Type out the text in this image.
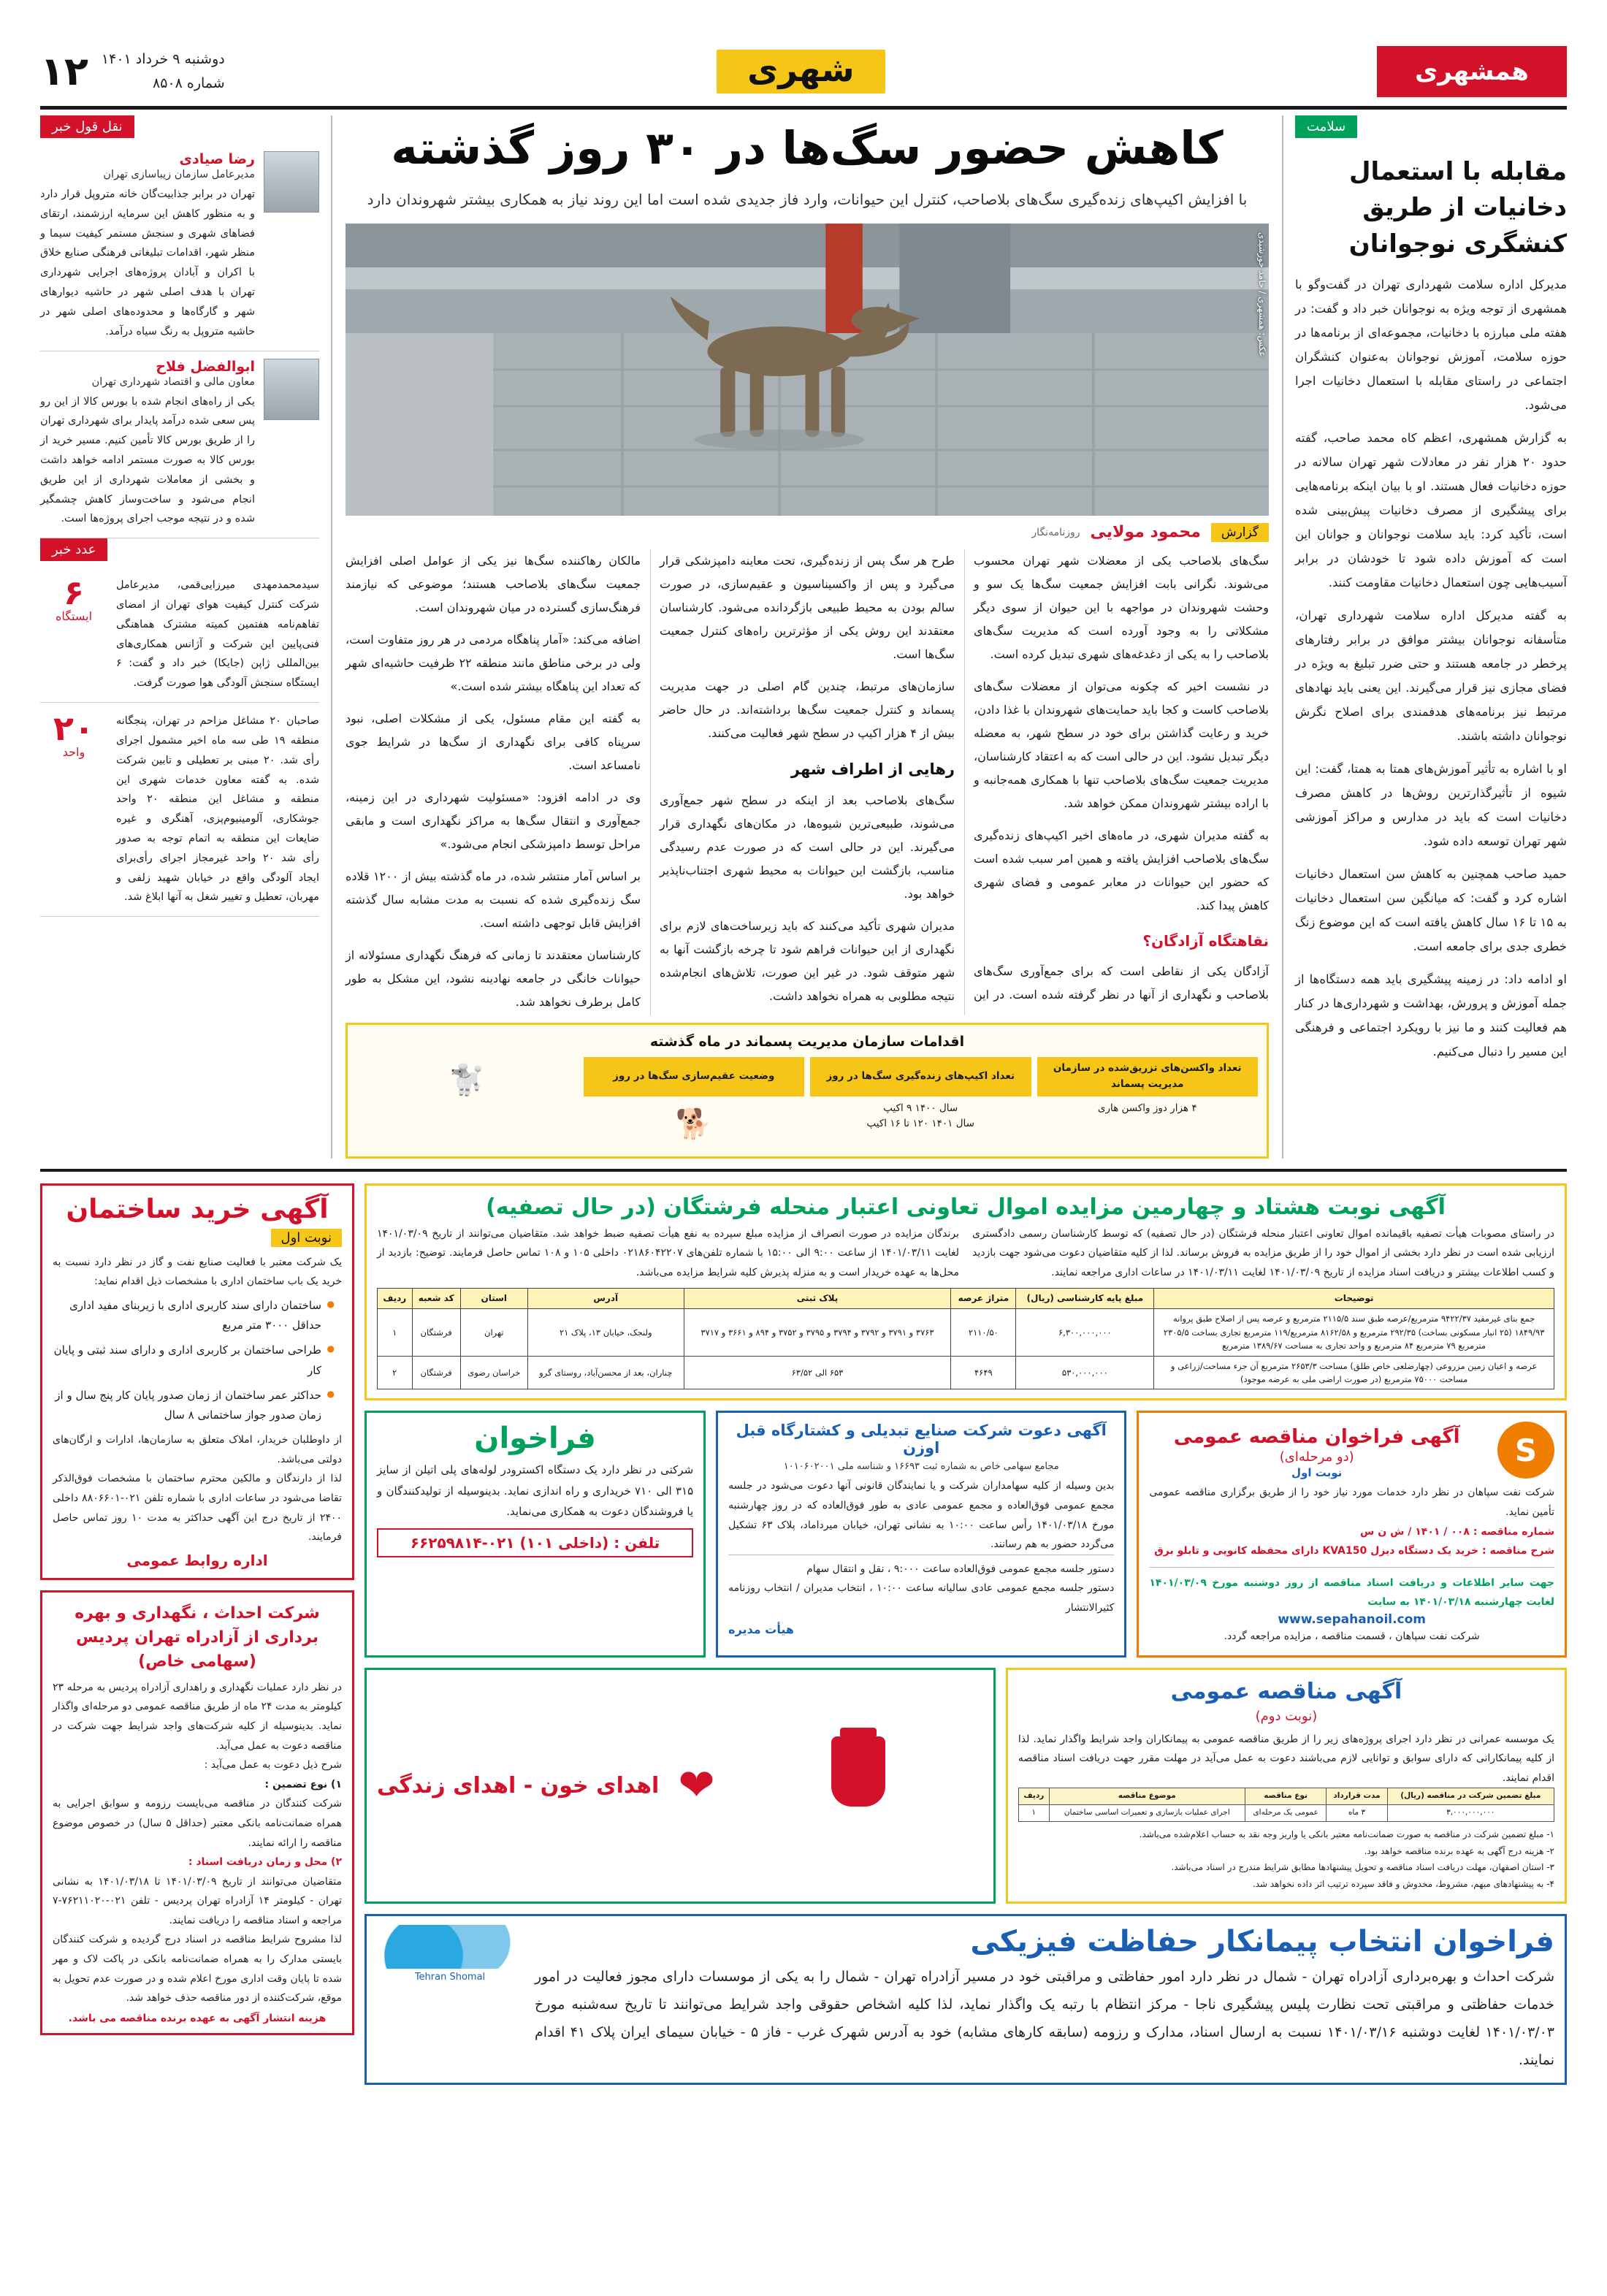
همشهری
شهری
دوشنبه ۹ خرداد ۱۴۰۱
شماره ۸۵۰۸
۱۲
سلامت
مقابله با استعمال دخانیات از طریق کنشگری نوجوانان

مدیرکل اداره سلامت شهرداری تهران در گفت‌وگو با همشهری از توجه ویژه به نوجوانان خبر داد و گفت: در هفته ملی مبارزه با دخانیات، مجموعه‌ای از برنامه‌ها در حوزه سلامت، آموزش نوجوانان به‌عنوان کنشگران اجتماعی در راستای مقابله با استعمال دخانیات اجرا می‌شود.

به گزارش همشهری، اعظم کاه محمد صاحب، گفته حدود ۲۰ هزار نفر در معادلات شهر تهران سالانه در حوزه دخانیات فعال هستند. او با بیان اینکه برنامه‌هایی برای پیشگیری از مصرف دخانیات پیش‌بینی شده است، تأکید کرد: باید سلامت نوجوانان و جوانان این است که آموزش داده شود تا خودشان در برابر آسیب‌هایی چون استعمال دخانیات مقاومت کنند.

به گفته مدیرکل اداره سلامت شهرداری تهران، متأسفانه نوجوانان بیشتر موافق در برابر رفتارهای پرخطر در جامعه هستند و حتی ضرر تبلیغ به ویژه در فضای مجازی نیز قرار می‌گیرند. این یعنی باید نهادهای مرتبط نیز برنامه‌های هدفمندی برای اصلاح نگرش نوجوانان داشته باشند.

او با اشاره به تأثیر آموزش‌های همتا به همتا، گفت: این شیوه از تأثیرگذارترین روش‌ها در کاهش مصرف دخانیات است که باید در مدارس و مراکز آموزشی شهر تهران توسعه داده شود.

حمید صاحب همچنین به کاهش سن استعمال دخانیات اشاره کرد و گفت: که میانگین سن استعمال دخانیات به ۱۵ تا ۱۶ سال کاهش یافته است که این موضوع زنگ خطری جدی برای جامعه است.

او ادامه داد: در زمینه پیشگیری باید همه دستگاه‌ها از جمله آموزش و پرورش، بهداشت و شهرداری‌ها در کنار هم فعالیت کنند و ما نیز با رویکرد اجتماعی و فرهنگی این مسیر را دنبال می‌کنیم.

کاهش حضور سگ‌ها در ۳۰ روز گذشته
با افزایش اکیپ‌های زنده‌گیری سگ‌های بلاصاحب، کنترل این حیوانات، وارد فاز جدیدی شده است اما این روند نیاز به همکاری بیشتر شهروندان دارد
عکس: همشهری / حامد خورشیدی
گزارش
محمود مولایی
روزنامه‌نگار

سگ‌های بلاصاحب یکی از معضلات شهر تهران محسوب می‌شوند. نگرانی بابت افزایش جمعیت سگ‌ها یک سو و وحشت شهروندان در مواجهه با این حیوان از سوی دیگر مشکلاتی را به وجود آورده است که مدیریت سگ‌های بلاصاحب را به یکی از دغدغه‌های شهری تبدیل کرده است.

در نشست اخیر که چکونه می‌توان از معضلات سگ‌های بلاصاحب کاست و کجا باید حمایت‌های شهروندان با غذا دادن، خرید و رعایت گذاشتن برای خود در سطح شهر، به معضله دیگر تبدیل نشود. این در حالی است که به اعتقاد کارشناسان، مدیریت جمعیت سگ‌های بلاصاحب تنها با همکاری همه‌جانبه و با اراده بیشتر شهروندان ممکن خواهد شد.

به گفته مدیران شهری، در ماه‌های اخیر اکیپ‌های زنده‌گیری سگ‌های بلاصاحب افزایش یافته و همین امر سبب شده است که حضور این حیوانات در معابر عمومی و فضای شهری کاهش پیدا کند.

نقاهتگاه آزادگان؟

آزادگان یکی از نقاطی است که برای جمع‌آوری سگ‌های بلاصاحب و نگهداری از آنها در نظر گرفته شده است. در این طرح هر سگ پس از زنده‌گیری، تحت معاینه دامپزشکی قرار می‌گیرد و پس از واکسیناسیون و عقیم‌سازی، در صورت سالم بودن به محیط طبیعی بازگردانده می‌شود. کارشناسان معتقدند این روش یکی از مؤثرترین راه‌های کنترل جمعیت سگ‌ها است.

سازمان‌های مرتبط، چندین گام اصلی در جهت مدیریت پسماند و کنترل جمعیت سگ‌ها برداشته‌اند. در حال حاضر بیش از ۴ هزار اکیپ در سطح شهر فعالیت می‌کنند.

رهایی از اطراف شهر

سگ‌های بلاصاحب بعد از اینکه در سطح شهر جمع‌آوری می‌شوند، طبیعی‌ترین شیوه‌ها، در مکان‌های نگهداری قرار می‌گیرند. این در حالی است که در صورت عدم رسیدگی مناسب، بازگشت این حیوانات به محیط شهری اجتناب‌ناپذیر خواهد بود.

مدیران شهری تأکید می‌کنند که باید زیرساخت‌های لازم برای نگهداری از این حیوانات فراهم شود تا چرخه بازگشت آنها به شهر متوقف شود. در غیر این صورت، تلاش‌های انجام‌شده نتیجه مطلوبی به همراه نخواهد داشت.

مالکان رهاکننده سگ‌ها نیز یکی از عوامل اصلی افزایش جمعیت سگ‌های بلاصاحب هستند؛ موضوعی که نیازمند فرهنگ‌سازی گسترده در میان شهروندان است.

اضافه می‌کند: «آمار پناهگاه مردمی در هر روز متفاوت است، ولی در برخی مناطق مانند منطقه ۲۲ ظرفیت حاشیه‌ای شهر که تعداد این پناهگاه بیشتر شده است.»

به گفته این مقام مسئول، یکی از مشکلات اصلی، نبود سرپناه کافی برای نگهداری از سگ‌ها در شرایط جوی نامساعد است.

وی در ادامه افزود: «مسئولیت شهرداری در این زمینه، جمع‌آوری و انتقال سگ‌ها به مراکز نگهداری است و مابقی مراحل توسط دامپزشکی انجام می‌شود.»

بر اساس آمار منتشر شده، در ماه گذشته بیش از ۱۲۰۰ قلاده سگ زنده‌گیری شده که نسبت به مدت مشابه سال گذشته افزایش قابل توجهی داشته است.

کارشناسان معتقدند تا زمانی که فرهنگ نگهداری مسئولانه از حیوانات خانگی در جامعه نهادینه نشود، این مشکل به طور کامل برطرف نخواهد شد.

اقدامات سازمان مدیریت پسماند در ماه گذشته
تعداد واکسن‌های تزریق‌شده در سازمان مدیریت پسماند
۴ هزار دوز واکسن هاری
تعداد اکیپ‌های زنده‌گیری سگ‌ها در روز
سال ۱۴۰۰ ۹ اکیپ
سال ۱۴۰۱ ۱۲۰ تا ۱۶ اکیپ
وضعیت عقیم‌سازی سگ‌ها در روز
🐕
🐩
نقل قول خبر
رضا صیادی
مدیرعامل سازمان زیباسازی تهران
تهران در برابر جذابیت‌گان خانه متروپل قرار دارد و به منظور کاهش این سرمایه ارزشمند، ارتقای فضاهای شهری و سنجش مستمر کیفیت سیما و منظر شهر، اقدامات تبلیغاتی فرهنگی صنایع خلاق با اکران و آبادان پروژه‌های اجرایی شهرداری تهران با هدف اصلی شهر در حاشیه دیوارهای شهر و گارگاه‌ها و محدوده‌های اصلی شهر در حاشیه متروپل به رنگ سیاه درآمد.
ابوالفضل فلاح
معاون مالی و اقتصاد شهرداری تهران
یکی از راه‌های انجام شده با بورس کالا از این رو پس سعی شده درآمد پایدار برای شهرداری تهران را از طریق بورس کالا تأمین کنیم. مسیر خرید از بورس کالا به صورت مستمر ادامه خواهد داشت و بخشی از معاملات شهرداری از این طریق انجام می‌شود و ساخت‌وساز کاهش چشمگیر شده و در نتیجه موجب اجرای پروژه‌ها است.
عدد خبر
سیدمحمدمهدی میرزایی‌قمی، مدیرعامل شرکت کنترل کیفیت هوای تهران از امضای تفاهم‌نامه هفتمین کمیته مشترک هماهنگی فنی‌پایین این شرکت و آژانس همکاری‌های بین‌المللی ژاپن (جایکا) خبر داد و گفت: ۶ ایستگاه سنجش آلودگی هوا صورت گرفت.
۶
ایستگاه
صاحبان ۲۰ مشاغل مزاحم در تهران، پنجگانه منطقه ۱۹ طی سه ماه اخیر مشمول اجرای رأی شد. ۲۰ مبنی بر تعطیلی و تابین شرکت شده. به گفته معاون خدمات شهری این منطقه و مشاغل این منطقه ۲۰ واحد جوشکاری، آلومینیوم‌پزی، آهنگری و غیره ضایعات این منطقه به اتمام توجه به صدور رأی شد ۲۰ واحد غیرمجاز اجرای رأی‌برای ایجاد آلودگی واقع در خیابان شهید زلفی و مهربان، تعطیل و تغییر شغل به آنها ابلاغ شد.
۲۰
واحد
آگهی نوبت هشتاد و چهارمین مزایده اموال تعاونی اعتبار منحله فرشتگان (در حال تصفیه)
در راستای مصوبات هیأت تصفیه باقیمانده اموال تعاونی اعتبار منحله فرشتگان (در حال تصفیه) که توسط کارشناسان رسمی دادگستری ارزیابی شده است در نظر دارد بخشی از اموال خود را از طریق مزایده به فروش برساند. لذا از کلیه متقاضیان دعوت می‌شود جهت بازدید و کسب اطلاعات بیشتر و دریافت اسناد مزایده از تاریخ ۱۴۰۱/۰۳/۰۹ لغایت ۱۴۰۱/۰۳/۱۱ در ساعات اداری مراجعه نمایند.
برندگان مزایده در صورت انصراف از مزایده مبلغ سپرده به نفع هیأت تصفیه ضبط خواهد شد. متقاضیان می‌توانند از تاریخ ۱۴۰۱/۰۳/۰۹ لغایت ۱۴۰۱/۰۳/۱۱ از ساعت ۹:۰۰ الی ۱۵:۰۰ با شماره تلفن‌های ۰۲۱۸۶۰۴۲۲۰۷ داخلی ۱۰۵ و ۱۰۸ تماس حاصل فرمایند. توضیح: بازدید از محل‌ها به عهده خریدار است و به منزله پذیرش کلیه شرایط مزایده می‌باشد.
توضیحات	مبلغ پایه کارشناسی (ریال)	متراژ عرصه	پلاک ثبتی	آدرس	استان	کد شعبه	ردیف
جمع بنای غیرمفید ۹۴۲۲/۳۷ مترمربع/عرصه طبق سند ۲۱۱۵/۵ مترمربع و عرصه پس از اصلاح طبق پروانه ۱۸۴۹/۹۳ (۲۵ انبار مسکونی بساخت) ۲۹۲/۳۵ مترمربع و ۸۱۶۲/۵۸ مترمربع/۱۱۹ مترمربع تجاری بساخت ۲۳۰۵/۵ مترمربع ۷۹ مترمربع ۸۴ مترمربع و واحد تجاری به مساحت ۱۳۸۹/۶۷ مترمربع	۶,۳۰۰,۰۰۰,۰۰۰	۲۱۱۰/۵۰	۳۷۶۳ و ۳۷۹۱ و ۳۷۹۲ و ۳۷۹۴ و ۳۷۹۵ و ۳۷۵۲ و ۸۹۴ و ۳۶۶۱ و ۳۷۱۷	ولنجک، خیابان ۱۳، پلاک ۲۱	تهران	فرشتگان	۱
عرصه و اعیان زمین مزروعی (چهارضلعی خاص طلق) مساحت ۲۶۵۳/۳ مترمربع آن جزء مساحت/زراعی و مساحت ۷۵۰۰۰ مترمربع (در صورت اراضی ملی به عرضه موجود)	۵۳۰,۰۰۰,۰۰۰	۴۶۴۹	۶۵۳ الی ۶۳/۵۲	چناران، بعد از محسن‌آباد، روستای گرو	خراسان رضوی	فرشتگان	۲
S
آگهی فراخوان مناقصه عمومی
(دو مرحله‌ای)
نوبت اول
شرکت نفت سپاهان در نظر دارد خدمات مورد نیاز خود را از طریق برگزاری مناقصه عمومی تأمین نماید.
شماره مناقصه : ۰۰۸ / ۱۴۰۱ / ش ن س
شرح مناقصه : خرید یک دستگاه دیزل KVA150 دارای محفظه کانوپی و تابلو برق
جهت سایر اطلاعات و دریافت اسناد مناقصه از روز دوشنبه مورخ ۱۴۰۱/۰۳/۰۹ لغایت چهارشنبه ۱۴۰۱/۰۳/۱۸ به سایت
www.sepahanoil.com
شرکت نفت سپاهان ، قسمت مناقصه ، مزایده مراجعه گردد.
آگهی دعوت شرکت صنایع تبدیلی و کشتارگاه قبل اوزن
مجامع سهامی خاص به شماره ثبت ۱۶۶۹۳ و شناسه ملی ۱۰۱۰۶۰۲۰۰۱
بدین وسیله از کلیه سهامداران شرکت و یا نمایندگان قانونی آنها دعوت می‌شود در جلسه مجمع عمومی فوق‌العاده و مجمع عمومی عادی به طور فوق‌العاده که در روز چهارشنبه مورخ ۱۴۰۱/۰۳/۱۸ رأس ساعت ۱۰:۰۰ به نشانی تهران، خیابان میرداماد، پلاک ۶۳ تشکیل می‌گردد حضور به هم رسانند.
دستور جلسه مجمع عمومی فوق‌العاده ساعت ۹:۰۰۰ ، نقل و انتقال سهام
دستور جلسه مجمع عمومی عادی سالیانه ساعت ۱۰:۰۰ ، انتخاب مدیران / انتخاب روزنامه کثیرالانتشار
هیأت مدیره
فراخوان
شرکتی در نظر دارد یک دستگاه اکسترودر لوله‌های پلی اتیلن از سایز ۳۱۵ الی ۷۱۰ خریداری و راه اندازی نماید. بدینوسیله از تولیدکنندگان و یا فروشندگان دعوت به همکاری می‌نماید.
تلفن : (داخلی ۱۰۱) ۰۲۱-۶۶۲۵۹۸۱۴
آگهی مناقصه عمومی
(نوبت دوم)
یک موسسه عمرانی در نظر دارد اجرای پروژه‌های زیر را از طریق مناقصه عمومی به پیمانکاران واجد شرایط واگذار نماید. لذا از کلیه پیمانکارانی که دارای سوابق و توانایی لازم می‌باشند دعوت به عمل می‌آید در مهلت مقرر جهت دریافت اسناد مناقصه اقدام نمایند.
مبلغ تضمین شرکت در مناقصه (ریال)	مدت قرارداد	نوع مناقصه	موضوع مناقصه	ردیف
۳,۰۰۰,۰۰۰,۰۰۰	۳ ماه	عمومی یک مرحله‌ای	اجرای عملیات بازسازی و تعمیرات اساسی ساختمان	۱
۱- مبلغ تضمین شرکت در مناقصه به صورت ضمانت‌نامه معتبر بانکی یا واریز وجه نقد به حساب اعلام‌شده می‌باشد.
۲- هزینه درج آگهی به عهده برنده مناقصه خواهد بود.
۳- استان اصفهان، مهلت دریافت اسناد مناقصه و تحویل پیشنهادها مطابق شرایط مندرج در اسناد می‌باشد.
۴- به پیشنهادهای مبهم، مشروط، مخدوش و فاقد سپرده ترتیب اثر داده نخواهد شد.
❤
اهدای خون - اهدای زندگی
فراخوان انتخاب پیمانکار حفاظت فیزیکی
شرکت احداث و بهره‌برداری آزادراه تهران - شمال در نظر دارد امور حفاظتی و مراقبتی خود در مسیر آزادراه تهران - شمال را به یکی از موسسات دارای مجوز فعالیت در امور خدمات حفاظتی و مراقبتی تحت نظارت پلیس پیشگیری ناجا - مرکز انتظام با رتبه یک واگذار نماید، لذا کلیه اشخاص حقوقی واجد شرایط می‌توانند تا تاریخ سه‌شنبه مورخ ۱۴۰۱/۰۳/۰۳ لغایت دوشنبه ۱۴۰۱/۰۳/۱۶ نسبت به ارسال اسناد، مدارک و رزومه (سابقه کارهای مشابه) خود به آدرس شهرک غرب - فاز ۵ - خیابان سیمای ایران پلاک ۴۱ اقدام نمایند.
Tehran Shomal
آگهی خرید ساختمان
نوبت اول
یک شرکت معتبر با فعالیت صنایع نفت و گاز در نظر دارد نسبت به خرید یک باب ساختمان اداری با مشخصات ذیل اقدام نماید:
● ساختمان دارای سند کاربری اداری با زیربنای مفید اداری حداقل ۳۰۰۰ متر مربع
● طراحی ساختمان بر کاربری اداری و دارای سند ثبتی و پایان کار
● حداکثر عمر ساختمان از زمان صدور پایان کار پنج سال و از زمان صدور جواز ساختمانی ۸ سال
از داوطلبان خریدار، املاک متعلق به سازمان‌ها، ادارات و ارگان‌های دولتی می‌باشد.
لذا از دارندگان و مالکین محترم ساختمان با مشخصات فوق‌الذکر تقاضا می‌شود در ساعات اداری با شماره تلفن ۰۲۱-۸۸۰۶۶۰۱ داخلی ۲۴۰۰ از تاریخ درج این آگهی حداکثر به مدت ۱۰ روز تماس حاصل فرمایند.
اداره روابط عمومی
شرکت احداث ، نگهداری و بهره برداری از آزادراه تهران پردیس (سهامی خاص)
در نظر دارد عملیات نگهداری و راهداری آزادراه پردیس به مرحله ۲۳ کیلومتر به مدت ۲۴ ماه از طریق مناقصه عمومی دو مرحله‌ای واگذار نماید. بدینوسیله از کلیه شرکت‌های واجد شرایط جهت شرکت در مناقصه دعوت به عمل می‌آید.
شرح ذیل دعوت به عمل می‌آید :
۱) نوع تضمین :
شرکت کنندگان در مناقصه می‌بایست رزومه و سوابق اجرایی به همراه ضمانت‌نامه بانکی معتبر (حداقل ۵ سال) در خصوص موضوع مناقصه را ارائه نمایند.
۲) محل و زمان دریافت اسناد :
متقاضیان می‌توانند از تاریخ ۱۴۰۱/۰۳/۰۹ تا ۱۴۰۱/۰۳/۱۸ به نشانی تهران - کیلومتر ۱۴ آزادراه تهران پردیس - تلفن ۰۲۱-۷۶۲۱۱۰۲۰-۷ مراجعه و اسناد مناقصه را دریافت نمایند.
لذا مشروح شرایط مناقصه در اسناد درج گردیده و شرکت کنندگان بایستی مدارک را به همراه ضمانت‌نامه بانکی در پاکت لاک و مهر شده تا پایان وقت اداری مورخ اعلام شده و در صورت عدم تحویل به موقع، شرکت‌کننده از دور مناقصه حذف خواهد شد.
هزینه انتشار آگهی به عهده برنده مناقصه می باشد.
